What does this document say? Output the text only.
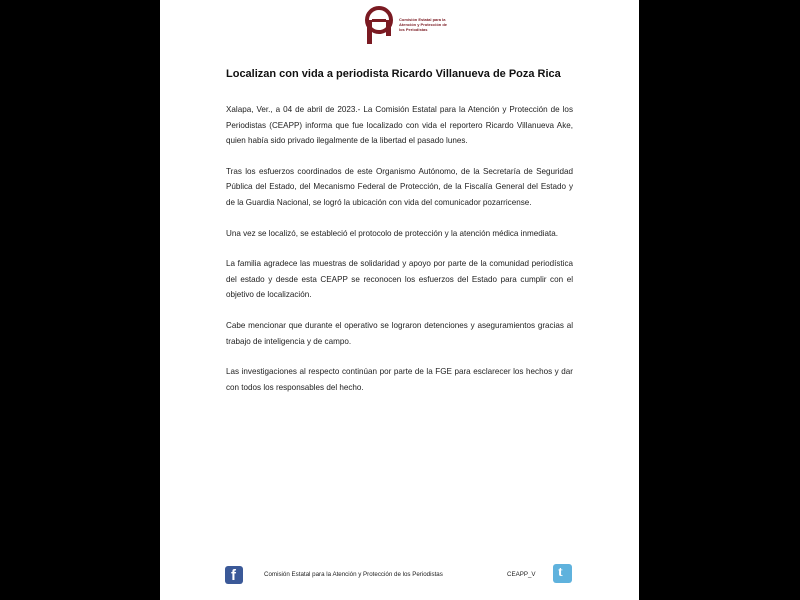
Comisión Estatal para la
Atención y Protección de
los Periodistas
Localizan con vida a periodista Ricardo Villanueva de Poza Rica

Xalapa, Ver., a 04 de abril de 2023.- La Comisión Estatal para la Atención y Protección de los Periodistas (CEAPP) informa que fue localizado con vida el reportero Ricardo Villanueva Ake, quien había sido privado ilegalmente de la libertad el pasado lunes.

Tras los esfuerzos coordinados de este Organismo Autónomo, de la Secretaría de Seguridad Pública del Estado, del Mecanismo Federal de Protección, de la Fiscalía General del Estado y de la Guardia Nacional, se logró la ubicación con vida del comunicador pozarricense.

Una vez se localizó, se estableció el protocolo de protección y la atención médica inmediata.

La familia agradece las muestras de solidaridad y apoyo por parte de la comunidad periodística del estado y desde esta CEAPP se reconocen los esfuerzos del Estado para cumplir con el objetivo de localización.

Cabe mencionar que durante el operativo se lograron detenciones y aseguramientos gracias al trabajo de inteligencia y de campo.

Las investigaciones al respecto continúan por parte de la FGE para esclarecer los hechos y dar con todos los responsables del hecho.

f	Comisión Estatal para la Atención y Protección de los Periodistas	CEAPP_V t
